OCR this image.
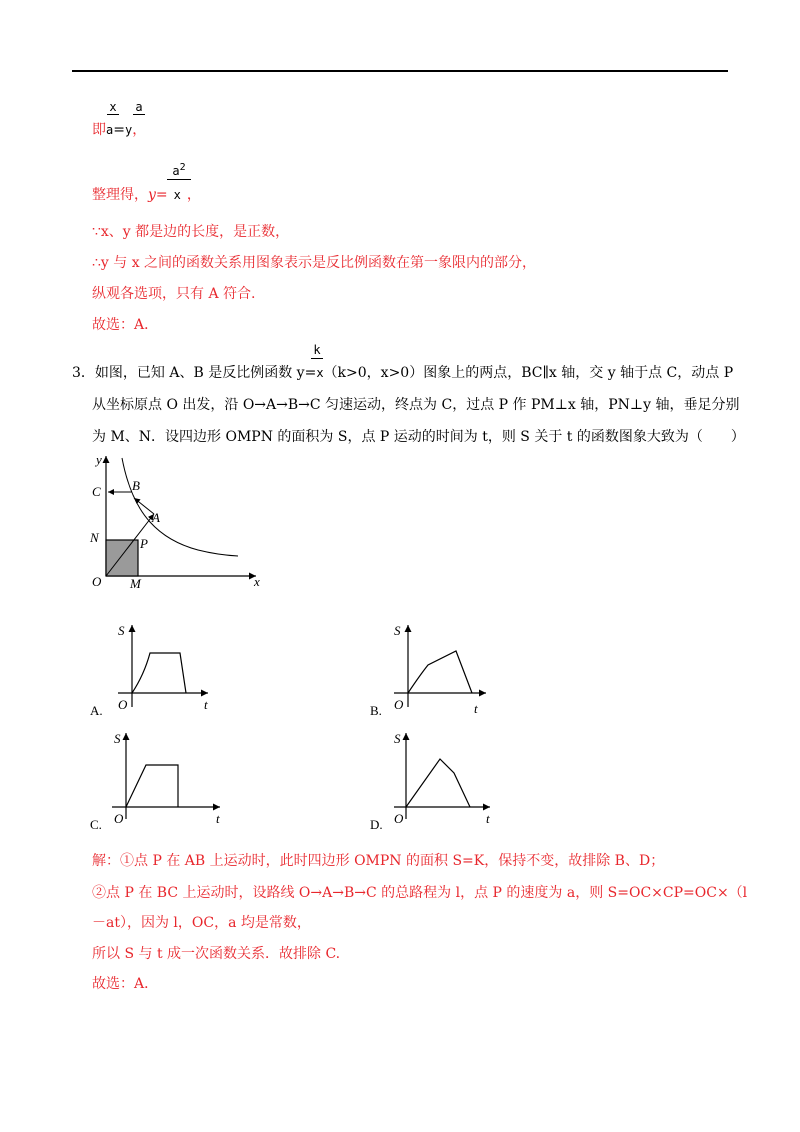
x a
即a=y，
$a^2$
整理得，y= x ，
∵x、y 都是边的长度，是正数，
∴y 与 x 之间的函数关系用图象表示是反比例函数在第一象限内的部分，
纵观各选项，只有 A 符合.
故选：A．
k
3．如图，已知 A、B 是反比例函数 y=x（k>0，x>0）图象上的两点，BC∥x 轴，交 y 轴于点 C，动点 P
从坐标原点 O 出发，沿 O→A→B→C 匀速运动，终点为 C，过点 P 作 PM⊥x 轴，PN⊥y 轴，垂足分别
为 M、N．设四边形 OMPN 的面积为 S，点 P 运动的时间为 t，则 S 关于 t 的函数图象大致为（　　）
y
x
C B
A
N	P
O M
S
O	t
A.
S
O	t
B.
S
O	t
C.
S
O	t
D.
解：①点 P 在 AB 上运动时，此时四边形 OMPN 的面积 S=K，保持不变，故排除 B、D；
②点 P 在 BC 上运动时，设路线 O→A→B→C 的总路程为 l，点 P 的速度为 a，则 S=OC×CP=OC×（l
－at），因为 l，OC，a 均是常数，
所以 S 与 t 成一次函数关系．故排除 C.
故选：A．
